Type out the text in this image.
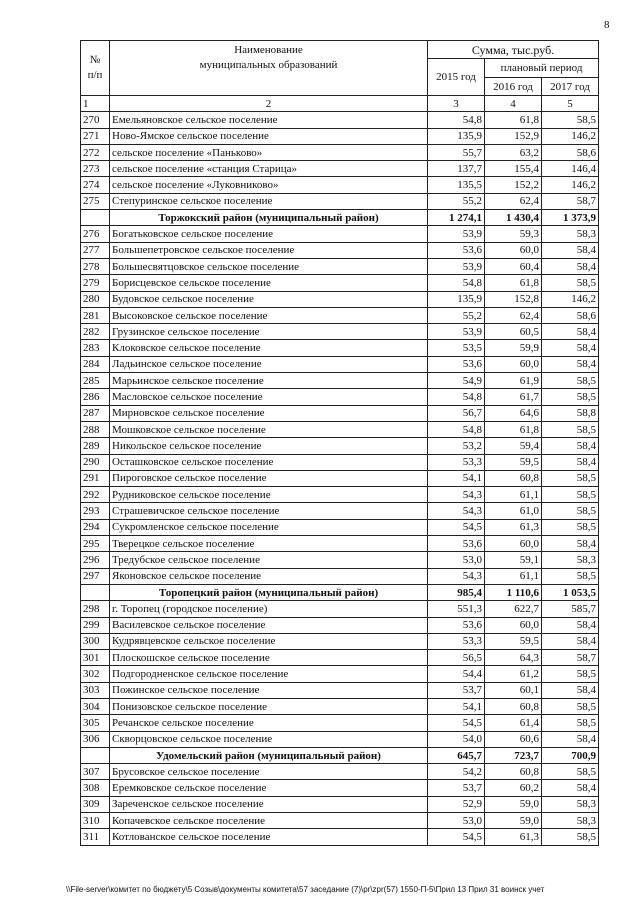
8
№
п/п	Наименование
муниципальных образований	Сумма, тыс.руб.		
		2015 год	плановый период	
			2016 год	2017 год
1	2	3	4	5
270	Емельяновское сельское поселение	54,8	61,8	58,5
271	Ново-Ямское сельское поселение	135,9	152,9	146,2
272	сельское поселение «Паньково»	55,7	63,2	58,6
273	сельское поселение «станция Старица»	137,7	155,4	146,4
274	сельское поселение «Луковниково»	135,5	152,2	146,2
275	Степуринское сельское поселение	55,2	62,4	58,7
	Торжокский район (муниципальный район)	1 274,1	1 430,4	1 373,9
276	Богатьковское сельское поселение	53,9	59,3	58,3
277	Большепетровское сельское поселение	53,6	60,0	58,4
278	Большесвятцовское сельское поселение	53,9	60,4	58,4
279	Борисцевское сельское поселение	54,8	61,8	58,5
280	Будовское сельское поселение	135,9	152,8	146,2
281	Высоковское сельское поселение	55,2	62,4	58,6
282	Грузинское сельское поселение	53,9	60,5	58,4
283	Клоковское сельское поселение	53,5	59,9	58,4
284	Ладьинское сельское поселение	53,6	60,0	58,4
285	Марьинское сельское поселение	54,9	61,9	58,5
286	Масловское сельское поселение	54,8	61,7	58,5
287	Мирновское сельское поселение	56,7	64,6	58,8
288	Мошковское сельское поселение	54,8	61,8	58,5
289	Никольское сельское поселение	53,2	59,4	58,4
290	Осташковское сельское поселение	53,3	59,5	58,4
291	Пироговское сельское поселение	54,1	60,8	58,5
292	Рудниковское сельское поселение	54,3	61,1	58,5
293	Страшевичское сельское поселение	54,3	61,0	58,5
294	Сукромленское сельское поселение	54,5	61,3	58,5
295	Тверецкое сельское поселение	53,6	60,0	58,4
296	Тредубское сельское поселение	53,0	59,1	58,3
297	Яконовское сельское поселение	54,3	61,1	58,5
	Торопецкий район (муниципальный район)	985,4	1 110,6	1 053,5
298	г. Торопец (городское поселение)	551,3	622,7	585,7
299	Василевское сельское поселение	53,6	60,0	58,4
300	Кудрявцевское сельское поселение	53,3	59,5	58,4
301	Плоскошское сельское поселение	56,5	64,3	58,7
302	Подгородненское сельское поселение	54,4	61,2	58,5
303	Пожинское сельское поселение	53,7	60,1	58,4
304	Понизовское сельское поселение	54,1	60,8	58,5
305	Речанское сельское поселение	54,5	61,4	58,5
306	Скворцовское сельское поселение	54,0	60,6	58,4
	Удомельский район (муниципальный район)	645,7	723,7	700,9
307	Брусовское сельское поселение	54,2	60,8	58,5
308	Еремковское сельское поселение	53,7	60,2	58,4
309	Зареченское сельское поселение	52,9	59,0	58,3
310	Копачевское сельское поселение	53,0	59,0	58,3
311	Котлованское сельское поселение	54,5	61,3	58,5
\\File-server\комитет по бюджету\5 Созыв\документы комитета\57 заседание (7)\pr\zpr(57) 1550-П-5\Прил 13 Прил 31 воинск учет
